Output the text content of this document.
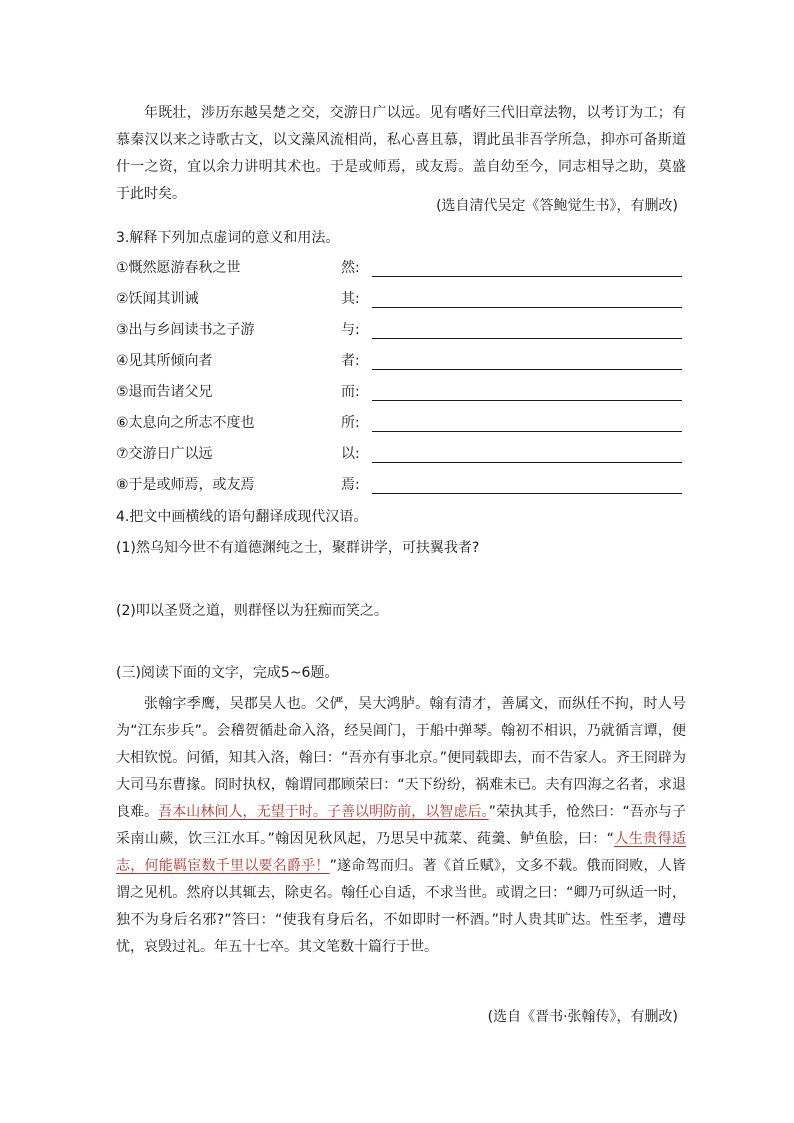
年既壮，涉历东越吴楚之交，交游日广以远。见有嗜好三代旧章法物，以考订为工；有慕秦汉以来之诗歌古文，以文藻风流相尚，私心喜且慕，谓此虽非吾学所急，抑亦可备斯道什一之资，宜以余力讲明其术也。于是或师焉，或友焉。盖自幼至今，同志相导之助，莫盛于此时矣。

(选自清代吴定《答鲍觉生书》，有删改)

3.解释下列加点虚词的意义和用法。

①慨然愿游春秋之世	然:
②饫闻其训诫	其:
③出与乡闾读书之子游	与:
④见其所倾向者	者:
⑤退而告诸父兄	而:
⑥太息向之所志不度也	所:
⑦交游日广以远	以:
⑧于是或师焉，或友焉	焉:

4.把文中画横线的语句翻译成现代汉语。

(1)然乌知今世不有道德渊纯之士，聚群讲学，可扶翼我者?

(2)叩以圣贤之道，则群怪以为狂痴而笑之。

(三)阅读下面的文字，完成5~6题。

张翰字季鹰，吴郡吴人也。父俨，吴大鸿胪。翰有清才，善属文，而纵任不拘，时人号为“江东步兵”。会稽贺循赴命入洛，经吴阊门，于船中弹琴。翰初不相识，乃就循言谭，便大相钦悦。问循，知其入洛，翰曰：“吾亦有事北京。”便同载即去，而不告家人。齐王冏辟为大司马东曹掾。冏时执权，翰谓同郡顾荣曰：“天下纷纷，祸难未已。夫有四海之名者，求退良难。吾本山林间人，无望于时。子善以明防前，以智虑后。”荣执其手，怆然曰：“吾亦与子采南山蕨，饮三江水耳。”翰因见秋风起，乃思吴中菰菜、莼羹、鲈鱼脍，曰：“人生贵得适志，何能羁宦数千里以要名爵乎！”遂命驾而归。著《首丘赋》，文多不载。俄而冏败，人皆谓之见机。然府以其辄去，除吏名。翰任心自适，不求当世。或谓之曰：“卿乃可纵适一时，独不为身后名邪?”答曰：“使我有身后名，不如即时一杯酒。”时人贵其旷达。性至孝，遭母忧，哀毁过礼。年五十七卒。其文笔数十篇行于世。

(选自《晋书·张翰传》，有删改)
